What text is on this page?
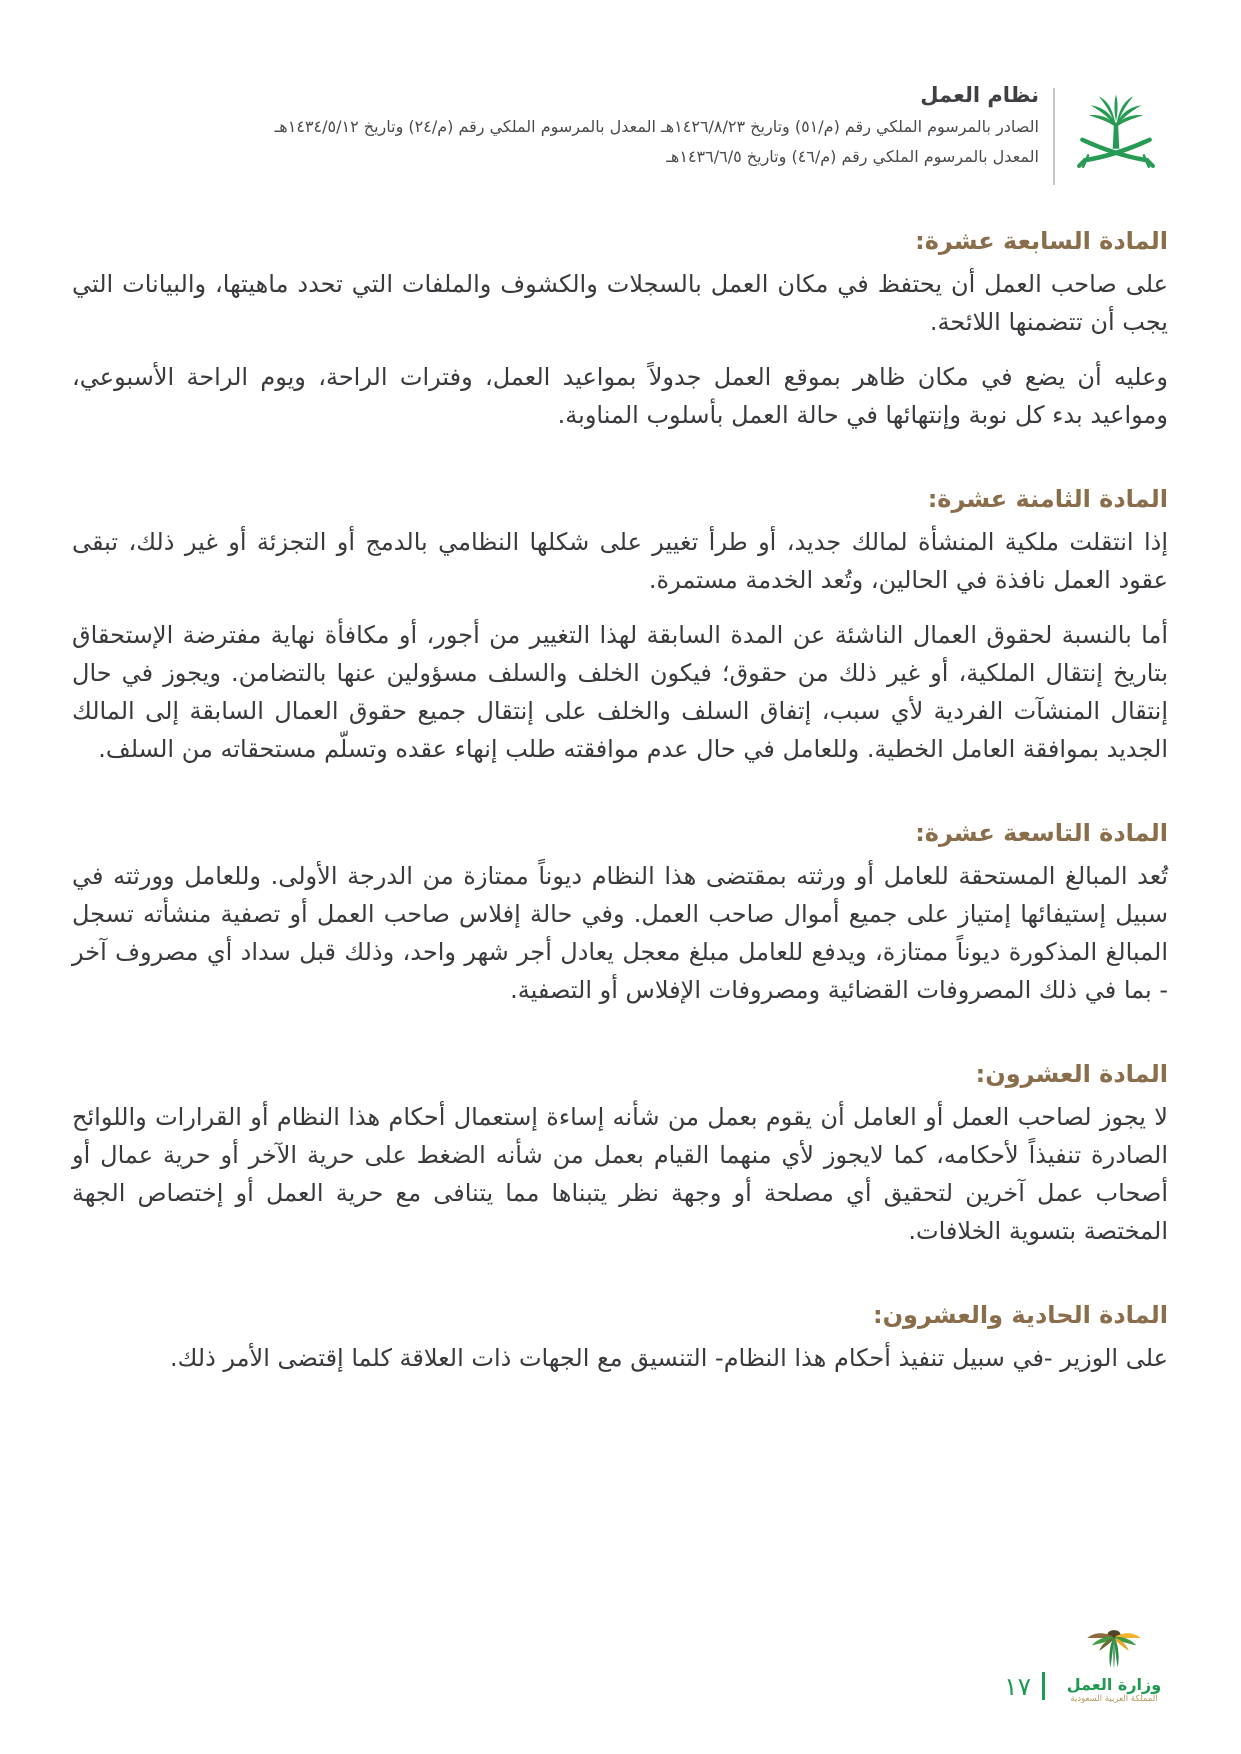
نظام العمل
الصادر بالمرسوم الملكي رقم (م/٥١) وتاريخ ١٤٢٦/٨/٢٣هـ المعدل بالمرسوم الملكي رقم (م/٢٤) وتاريخ ١٤٣٤/٥/١٢هـ
المعدل بالمرسوم الملكي رقم (م/٤٦) وتاريخ ١٤٣٦/٦/٥هـ
المادة السابعة عشرة:

على صاحب العمل أن يحتفظ في مكان العمل بالسجلات والكشوف والملفات التي تحدد ماهيتها، والبيانات التي يجب أن تتضمنها اللائحة.

وعليه أن يضع في مكان ظاهر بموقع العمل جدولاً بمواعيد العمل، وفترات الراحة، ويوم الراحة الأسبوعي، ومواعيد بدء كل نوبة وإنتهائها في حالة العمل بأسلوب المناوبة.

المادة الثامنة عشرة:

إذا انتقلت ملكية المنشأة لمالك جديد، أو طرأ تغيير على شكلها النظامي بالدمج أو التجزئة أو غير ذلك، تبقى عقود العمل نافذة في الحالين، وتُعد الخدمة مستمرة.

أما بالنسبة لحقوق العمال الناشئة عن المدة السابقة لهذا التغيير من أجور، أو مكافأة نهاية مفترضة الإستحقاق بتاريخ إنتقال الملكية، أو غير ذلك من حقوق؛ فيكون الخلف والسلف مسؤولين عنها بالتضامن. ويجوز في حال إنتقال المنشآت الفردية لأي سبب، إتفاق السلف والخلف على إنتقال جميع حقوق العمال السابقة إلى المالك الجديد بموافقة العامل الخطية. وللعامل في حال عدم موافقته طلب إنهاء عقده وتسلّم مستحقاته من السلف.

المادة التاسعة عشرة:

تُعد المبالغ المستحقة للعامل أو ورثته بمقتضى هذا النظام ديوناً ممتازة من الدرجة الأولى. وللعامل وورثته في سبيل إستيفائها إمتياز على جميع أموال صاحب العمل. وفي حالة إفلاس صاحب العمل أو تصفية منشأته تسجل المبالغ المذكورة ديوناً ممتازة، ويدفع للعامل مبلغ معجل يعادل أجر شهر واحد، وذلك قبل سداد أي مصروف آخر - بما في ذلك المصروفات القضائية ومصروفات الإفلاس أو التصفية.

المادة العشرون:

لا يجوز لصاحب العمل أو العامل أن يقوم بعمل من شأنه إساءة إستعمال أحكام هذا النظام أو القرارات واللوائح الصادرة تنفيذاً لأحكامه، كما لايجوز لأي منهما القيام بعمل من شأنه الضغط على حرية الآخر أو حرية عمال أو أصحاب عمل آخرين لتحقيق أي مصلحة أو وجهة نظر يتبناها مما يتنافى مع حرية العمل أو إختصاص الجهة المختصة بتسوية الخلافات.

المادة الحادية والعشرون:

على الوزير -في سبيل تنفيذ أحكام هذا النظام- التنسيق مع الجهات ذات العلاقة كلما إقتضى الأمر ذلك.

١٧	وزارة العمل
المملكة العربية السعودية
